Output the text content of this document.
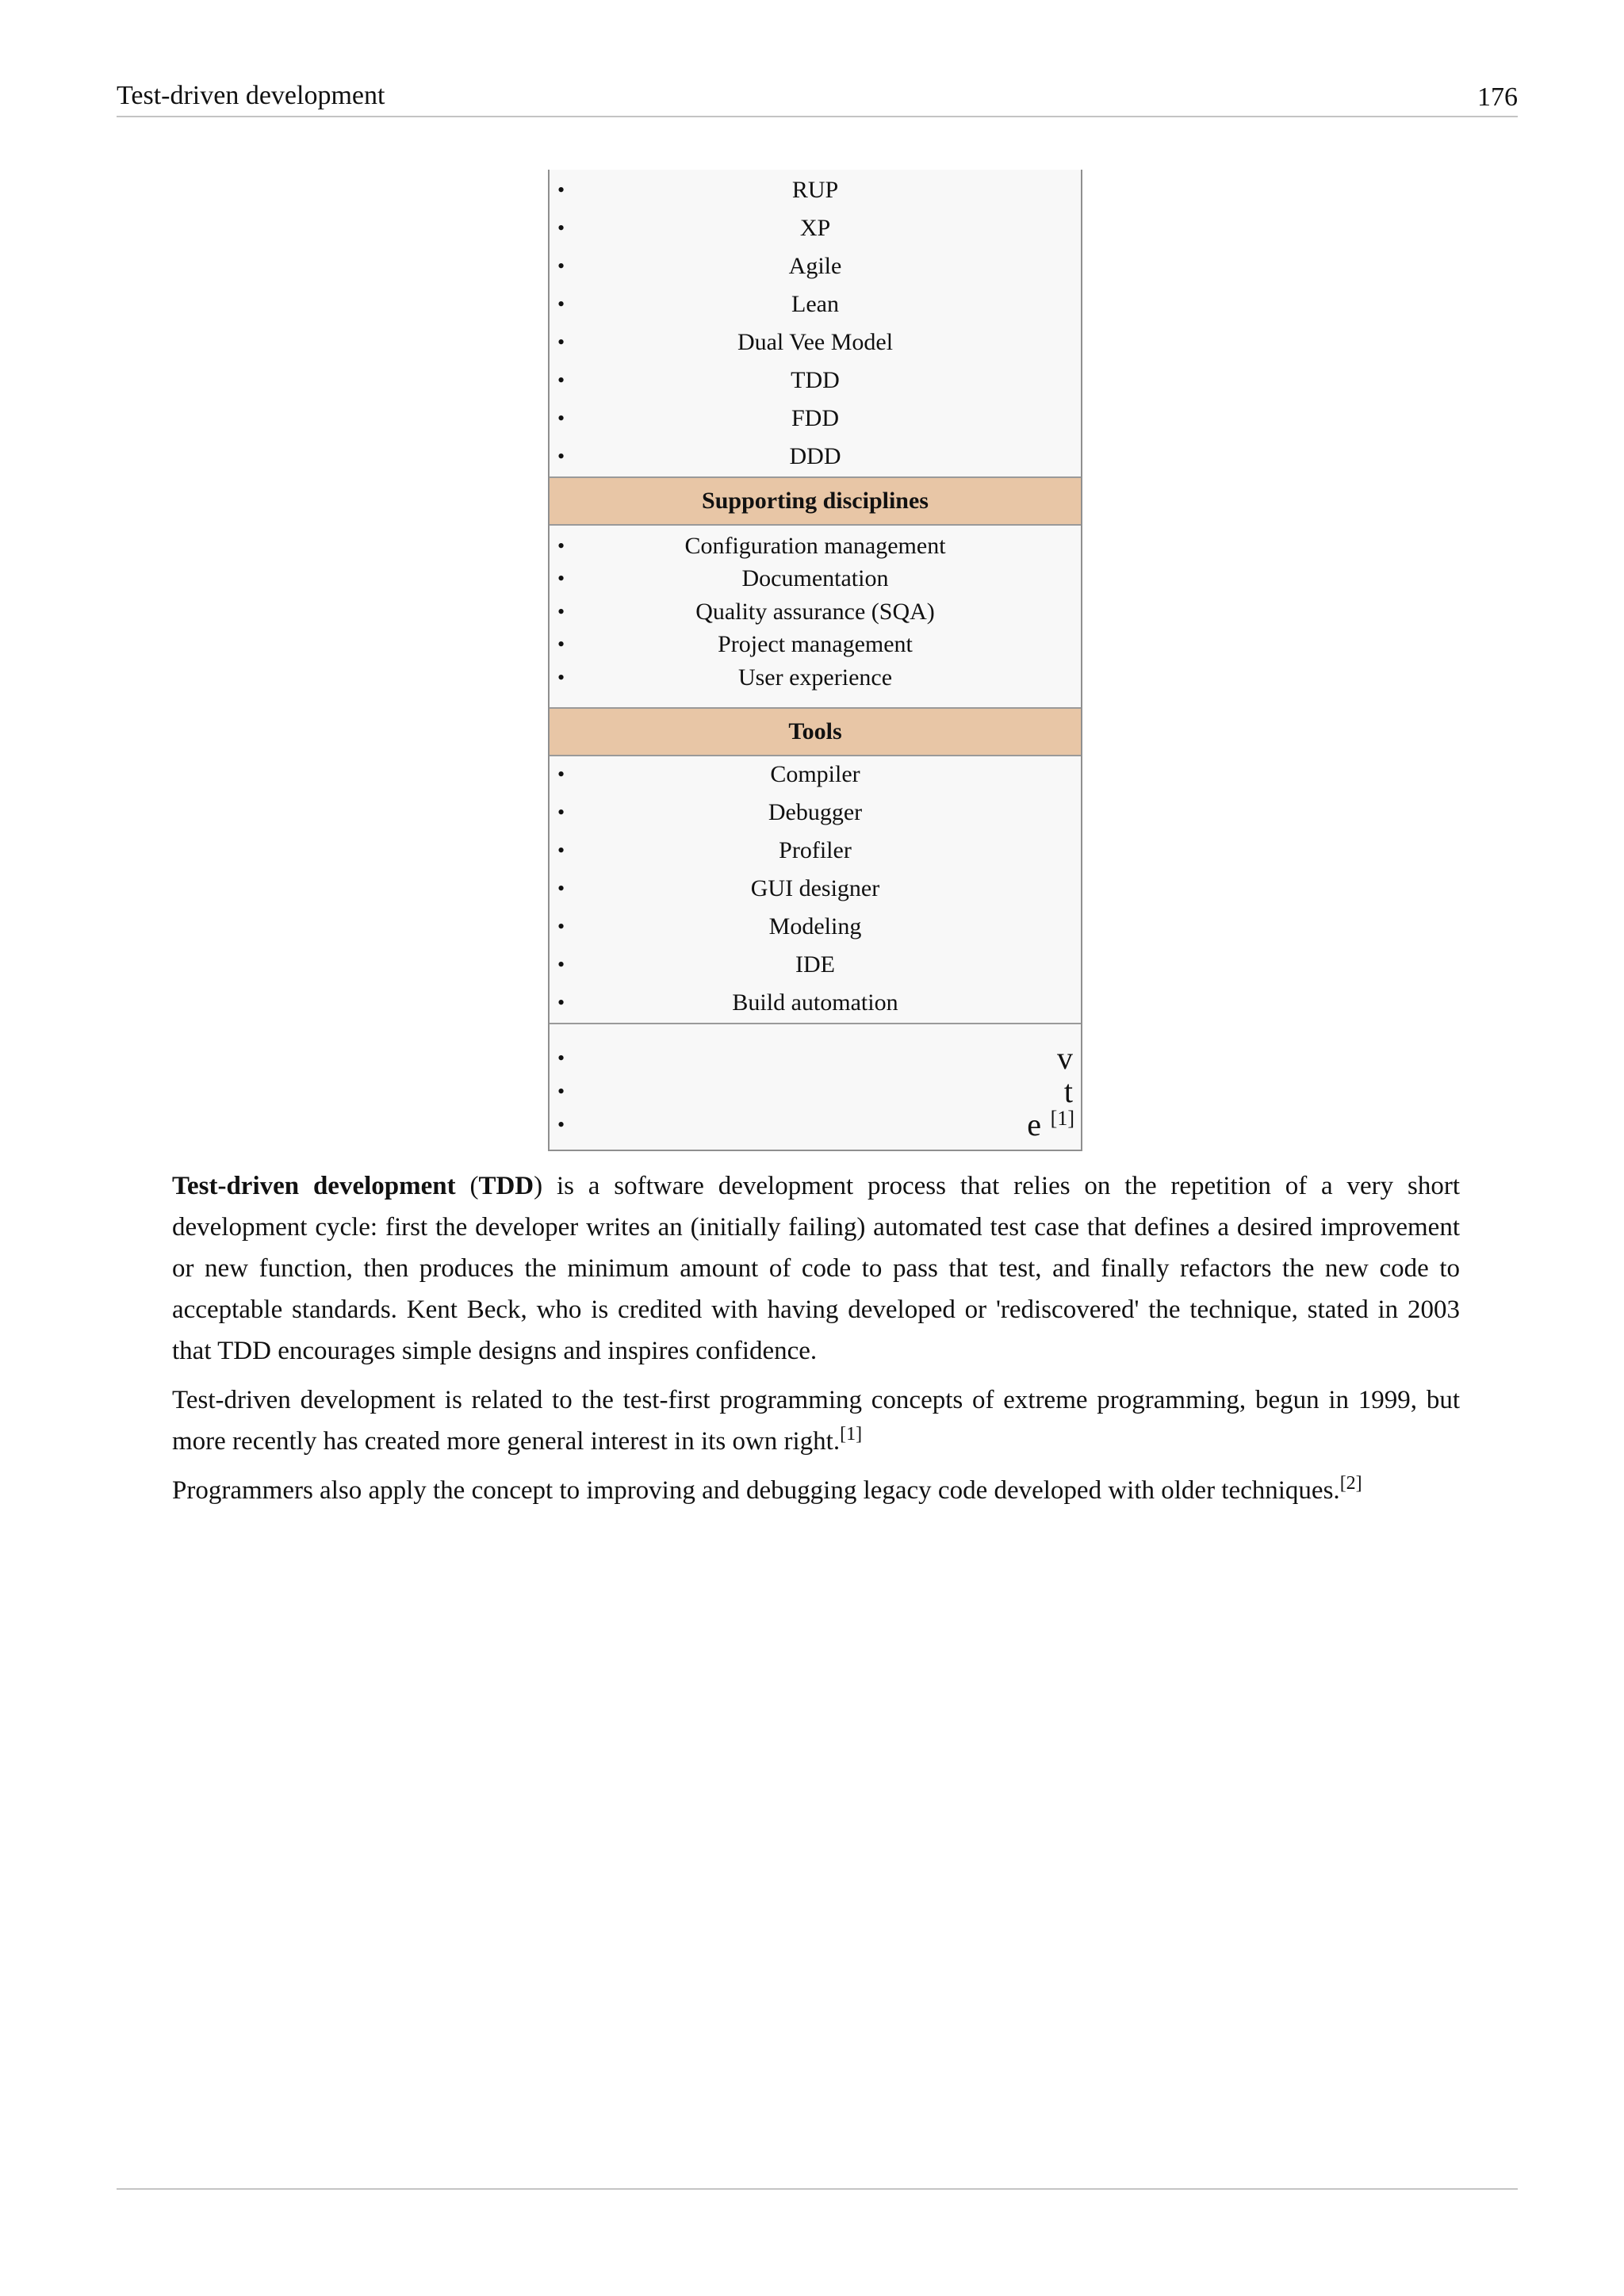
Test-driven development	176
•	RUP
•	XP
•	Agile
•	Lean
•	Dual Vee Model
•	TDD
•	FDD
•	DDD
Supporting disciplines
•	Configuration management
•	Documentation
•	Quality assurance (SQA)
•	Project management
•	User experience
Tools
•	Compiler
•	Debugger
•	Profiler
•	GUI designer
•	Modeling
•	IDE
•	Build automation
•	v
•	t
•	e [1]

Test-driven development (TDD) is a software development process that relies on the repetition of a very short development cycle: first the developer writes an (initially failing) automated test case that defines a desired improvement or new function, then produces the minimum amount of code to pass that test, and finally refactors the new code to acceptable standards. Kent Beck, who is credited with having developed or 'rediscovered' the technique, stated in 2003 that TDD encourages simple designs and inspires confidence.

Test-driven development is related to the test-first programming concepts of extreme programming, begun in 1999, but more recently has created more general interest in its own right.[1]

Programmers also apply the concept to improving and debugging legacy code developed with older techniques.[2]
